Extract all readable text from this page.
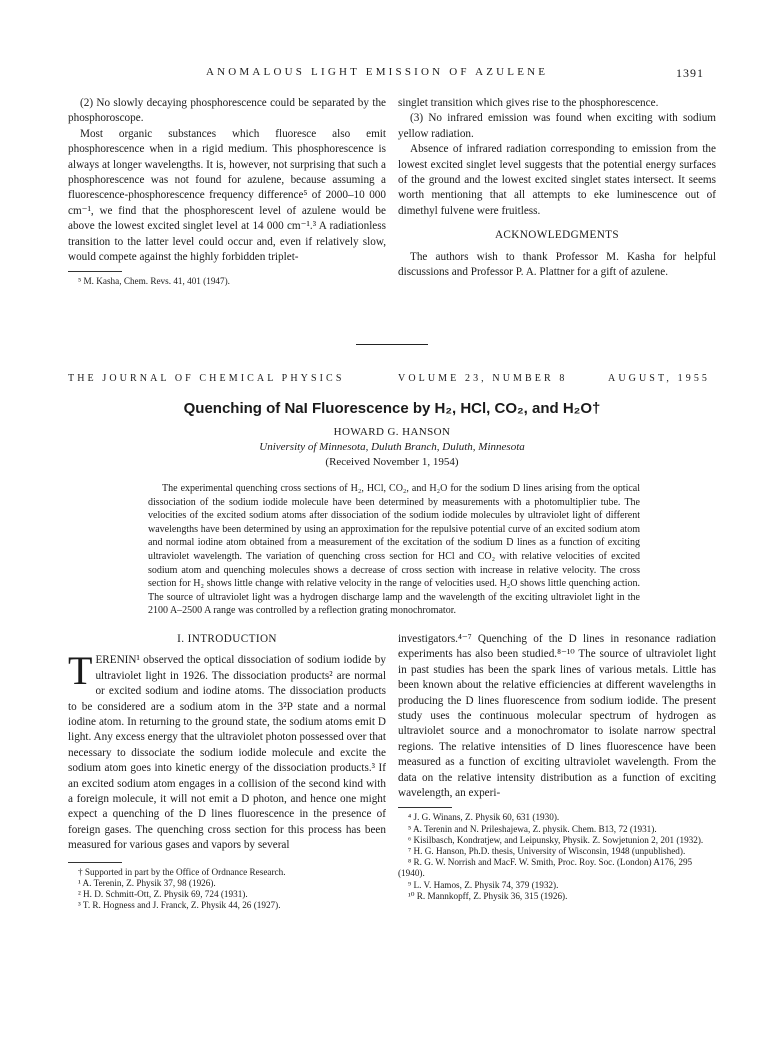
ANOMALOUS LIGHT EMISSION OF AZULENE	1391

(2) No slowly decaying phosphorescence could be separated by the phosphoroscope.

Most organic substances which fluoresce also emit phosphorescence when in a rigid medium. This phosphorescence is always at longer wavelengths. It is, however, not surprising that such a phosphorescence was not found for azulene, because assuming a fluorescence-phosphorescence frequency difference⁵ of 2000–10 000 cm⁻¹, we find that the phosphorescent level of azulene would be above the lowest excited singlet level at 14 000 cm⁻¹.³ A radiationless transition to the latter level could occur and, even if relatively slow, would compete against the highly forbidden triplet-

⁵ M. Kasha, Chem. Revs. 41, 401 (1947).

singlet transition which gives rise to the phosphorescence.

(3) No infrared emission was found when exciting with sodium yellow radiation.

Absence of infrared radiation corresponding to emission from the lowest excited singlet level suggests that the potential energy surfaces of the ground and the lowest excited singlet states intersect. It seems worth mentioning that all attempts to eke luminescence out of dimethyl fulvene were fruitless.

ACKNOWLEDGMENTS

The authors wish to thank Professor M. Kasha for helpful discussions and Professor P. A. Plattner for a gift of azulene.

THE JOURNAL OF CHEMICAL PHYSICS	VOLUME 23, NUMBER 8	AUGUST, 1955
Quenching of NaI Fluorescence by H₂, HCl, CO₂, and H₂O†
HOWARD G. HANSON
University of Minnesota, Duluth Branch, Duluth, Minnesota
(Received November 1, 1954)
The experimental quenching cross sections of H₂, HCl, CO₂, and H₂O for the sodium D lines arising from the optical dissociation of the sodium iodide molecule have been determined by measurements with a photomultiplier tube. The velocities of the excited sodium atoms after dissociation of the sodium iodide molecules by ultraviolet light of different wavelengths have been determined by using an approximation for the repulsive potential curve of an excited sodium atom and normal iodine atom obtained from a measurement of the excitation of the sodium D lines as a function of exciting ultraviolet wavelength. The variation of quenching cross section for HCl and CO₂ with relative velocities of excited sodium atom and quenching molecules shows a decrease of cross section with increase in relative velocity. The cross section for H₂ shows little change with relative velocity in the range of velocities used. H₂O shows little quenching action. The source of ultraviolet light was a hydrogen discharge lamp and the wavelength of the exciting ultraviolet light in the 2100 A–2500 A range was controlled by a reflection grating monochromator.
I. INTRODUCTION

TERENIN¹ observed the optical dissociation of sodium iodide by ultraviolet light in 1926. The dissociation products² are normal or excited sodium and iodine atoms. The dissociation products to be considered are a sodium atom in the 3²P state and a normal iodine atom. In returning to the ground state, the sodium atoms emit D light. Any excess energy that the ultraviolet photon possessed over that necessary to dissociate the sodium iodide molecule and excite the sodium atom goes into kinetic energy of the dissociation products.³ If an excited sodium atom engages in a collision of the second kind with a foreign molecule, it will not emit a D photon, and hence one might expect a quenching of the D lines fluorescence in the presence of foreign gases. The quenching cross section for this process has been measured for various gases and vapors by several

† Supported in part by the Office of Ordnance Research.

¹ A. Terenin, Z. Physik 37, 98 (1926).

² H. D. Schmitt-Ott, Z. Physik 69, 724 (1931).

³ T. R. Hogness and J. Franck, Z. Physik 44, 26 (1927).

investigators.⁴⁻⁷ Quenching of the D lines in resonance radiation experiments has also been studied.⁸⁻¹⁰ The source of ultraviolet light in past studies has been the spark lines of various metals. Little has been known about the relative efficiencies at different wavelengths in producing the D lines fluorescence from sodium iodide. The present study uses the continuous molecular spectrum of hydrogen as ultraviolet source and a monochromator to isolate narrow spectral regions. The relative intensities of D lines fluorescence have been measured as a function of exciting ultraviolet wavelength. From the data on the relative intensity distribution as a function of exciting wavelength, an experi-

⁴ J. G. Winans, Z. Physik 60, 631 (1930).

⁵ A. Terenin and N. Prileshajewa, Z. physik. Chem. B13, 72 (1931).

⁶ Kisilbasch, Kondratjew, and Leipunsky, Physik. Z. Sowjetunion 2, 201 (1932).

⁷ H. G. Hanson, Ph.D. thesis, University of Wisconsin, 1948 (unpublished).

⁸ R. G. W. Norrish and MacF. W. Smith, Proc. Roy. Soc. (London) A176, 295 (1940).

⁹ L. V. Hamos, Z. Physik 74, 379 (1932).

¹⁰ R. Mannkopff, Z. Physik 36, 315 (1926).
